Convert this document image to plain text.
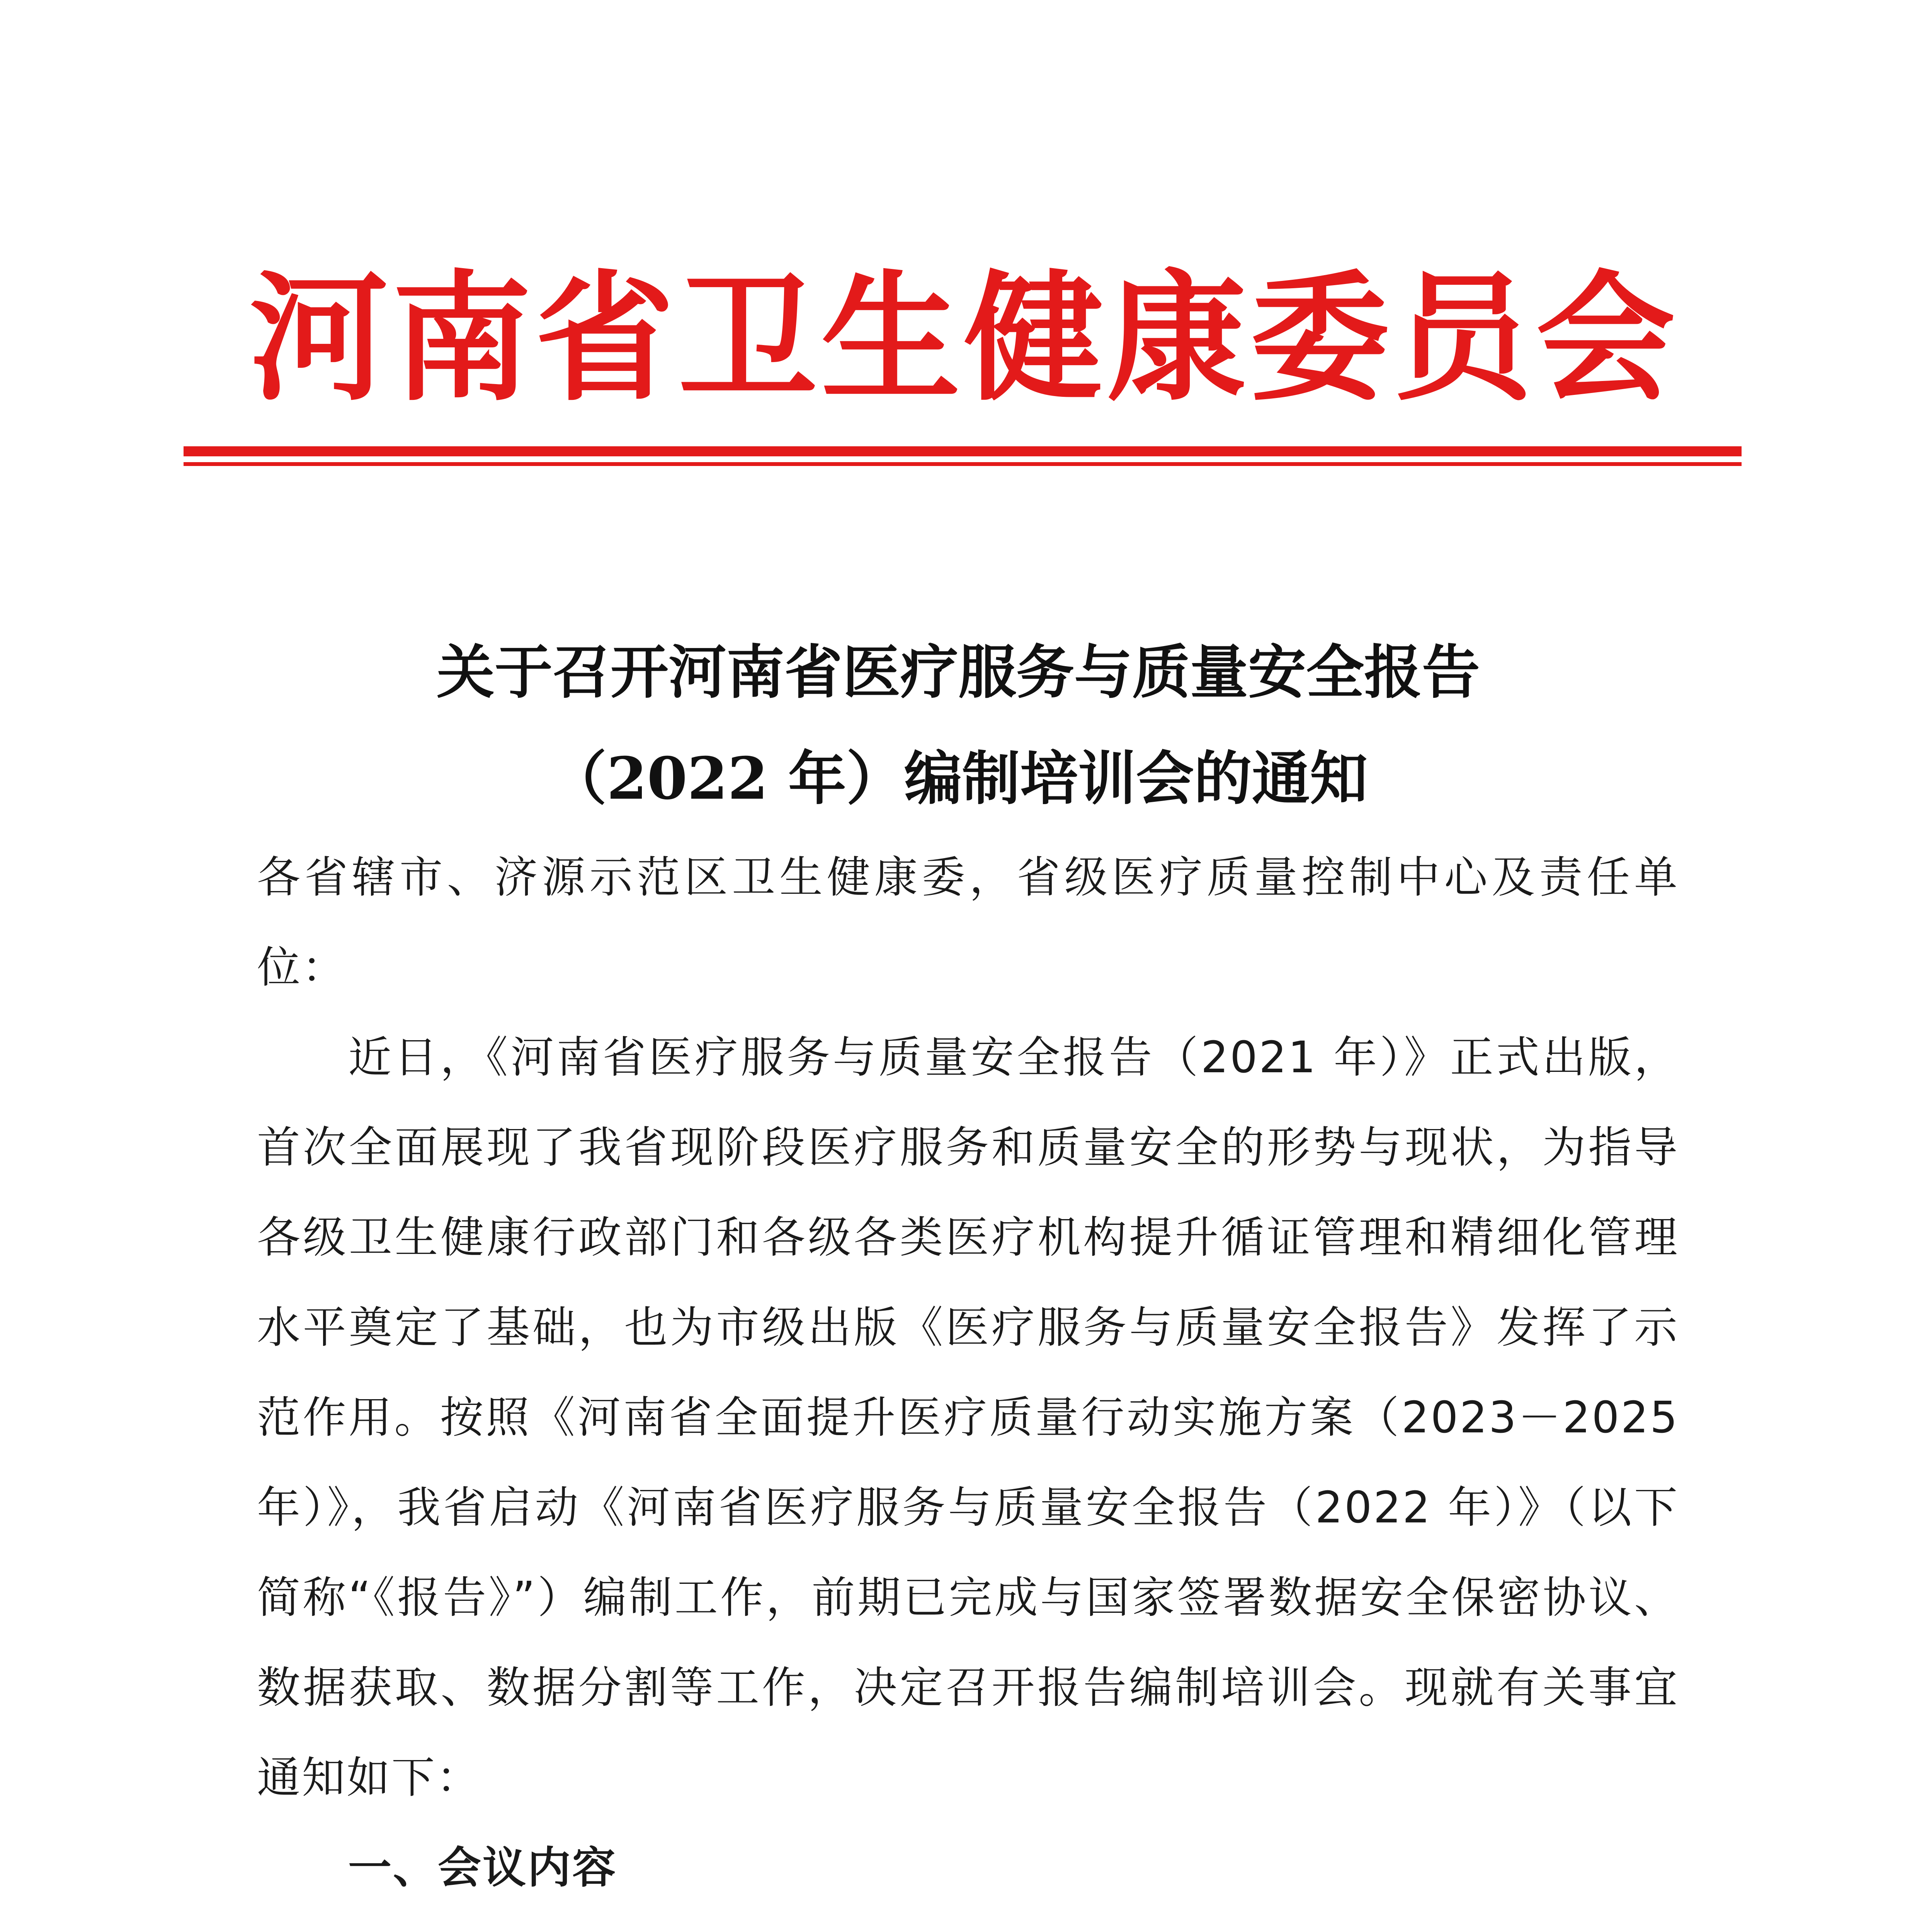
河南省卫生健康委员会
关于召开河南省医疗服务与质量安全报告
（2022 年）编制培训会的通知

各省辖市、济源示范区卫生健康委，省级医疗质量控制中心及责任单位：

近日，《河南省医疗服务与质量安全报告（2021 年）》正式出版，首次全面展现了我省现阶段医疗服务和质量安全的形势与现状，为指导各级卫生健康行政部门和各级各类医疗机构提升循证管理和精细化管理水平奠定了基础，也为市级出版《医疗服务与质量安全报告》发挥了示范作用。按照《河南省全面提升医疗质量行动实施方案（2023－2025 年）》，我省启动《河南省医疗服务与质量安全报告（2022 年）》（以下简称“《报告》”）编制工作，前期已完成与国家签署数据安全保密协议、数据获取、数据分割等工作，决定召开报告编制培训会。现就有关事宜通知如下：

一、会议内容
